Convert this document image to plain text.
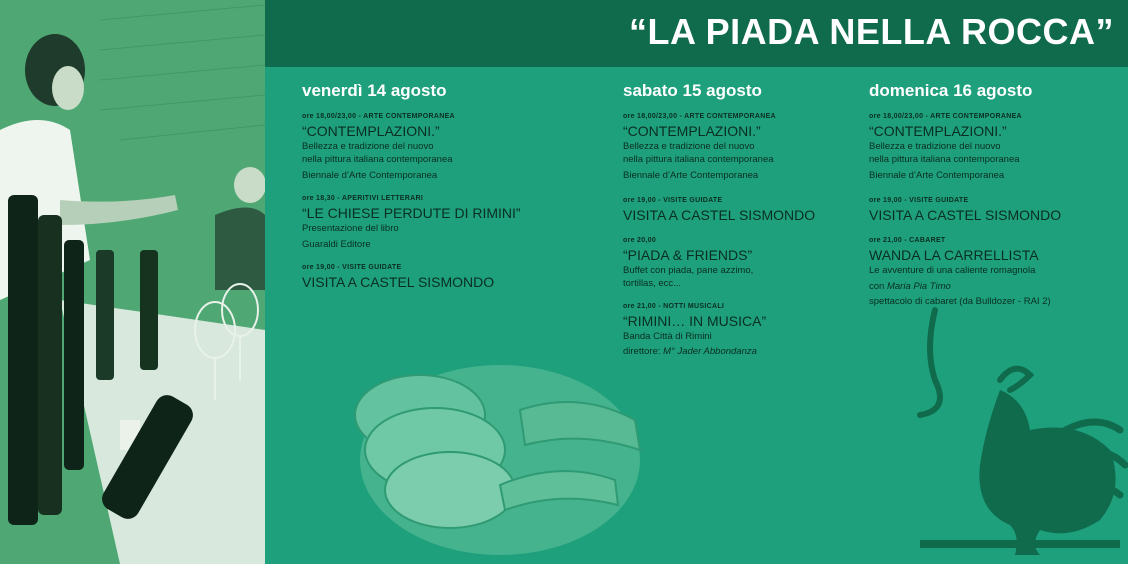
“LA PIADA NELLA ROCCA”
venerdì 14 agosto
ore 18,00/23,00 - ARTE CONTEMPORANEA
“CONTEMPLAZIONI.”
Bellezza e tradizione del nuovo
nella pittura italiana contemporanea
Biennale d’Arte Contemporanea
ore 18,30 - APERITIVI LETTERARI
“LE CHIESE PERDUTE DI RIMINI”
Presentazione del libro
Guaraldi Editore
ore 19,00 - VISITE GUIDATE
VISITA A CASTEL SISMONDO
sabato 15 agosto
ore 18,00/23,00 - ARTE CONTEMPORANEA
“CONTEMPLAZIONI.”
Bellezza e tradizione del nuovo
nella pittura italiana contemporanea
Biennale d’Arte Contemporanea
ore 19,00 - VISITE GUIDATE
VISITA A CASTEL SISMONDO
ore 20,00
“PIADA & FRIENDS”
Buffet con piada, pane azzimo,
tortillas, ecc...
ore 21,00 - NOTTI MUSICALI
“RIMINI… IN MUSICA”
Banda Città di Rimini
direttore: M° Jader Abbondanza
domenica 16 agosto
ore 18,00/23,00 - ARTE CONTEMPORANEA
“CONTEMPLAZIONI.”
Bellezza e tradizione del nuovo
nella pittura italiana contemporanea
Biennale d’Arte Contemporanea
ore 19,00 - VISITE GUIDATE
VISITA A CASTEL SISMONDO
ore 21,00 - CABARET
WANDA LA CARRELLISTA
Le avventure di una caliente romagnola
con Maria Pia Timo
spettacolo di cabaret (da Bulldozer - RAI 2)
